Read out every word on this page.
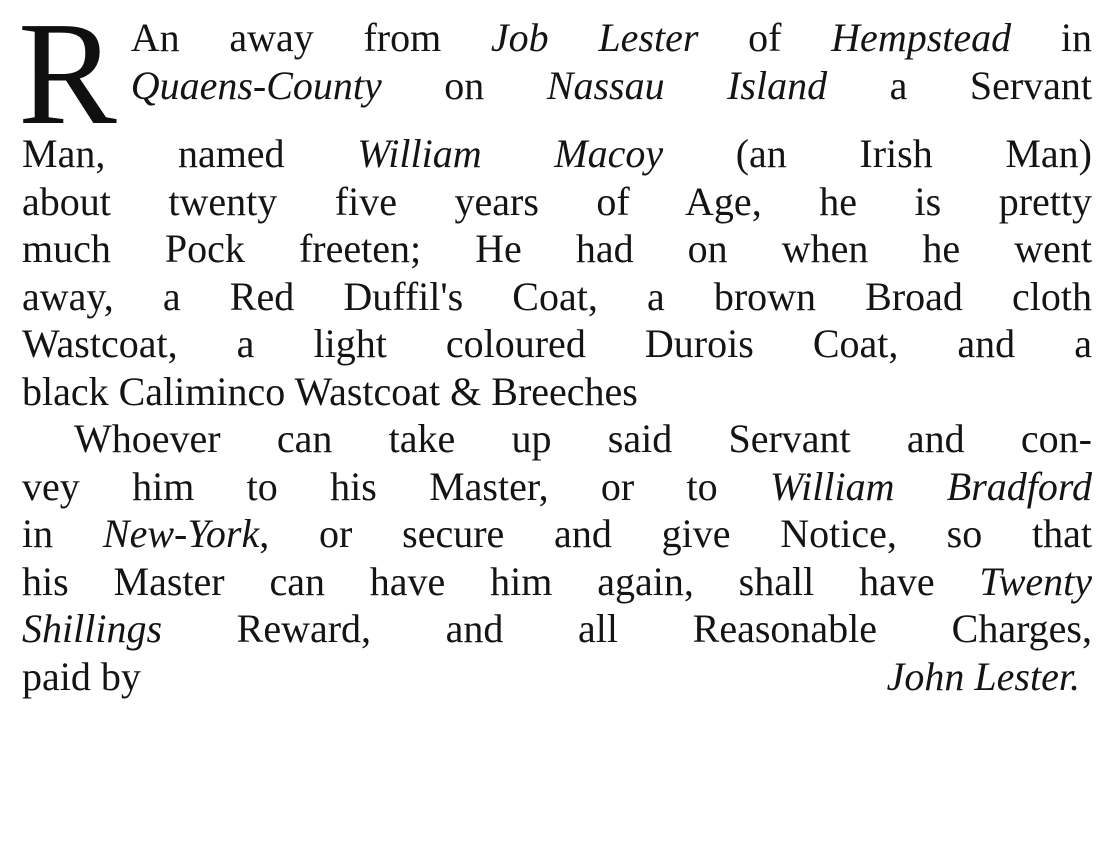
R An away from Job Lester of Hempstead in
Quaens-County on Nassau Island a Servant
Man, named William Macoy (an Irish Man)
about twenty five years of Age, he is pretty
much Pock freeten; He had on when he went
away, a Red Duffil's Coat, a brown Broad cloth
Wastcoat, a light coloured Durois Coat, and a
black Caliminco Wastcoat & Breeches
Whoever can take up said Servant and con-
vey him to his Master, or to William Bradford
in New-York, or secure and give Notice, so that
his Master can have him again, shall have Twenty
Shillings Reward, and all Reasonable Charges,
paid by	John Lester.
